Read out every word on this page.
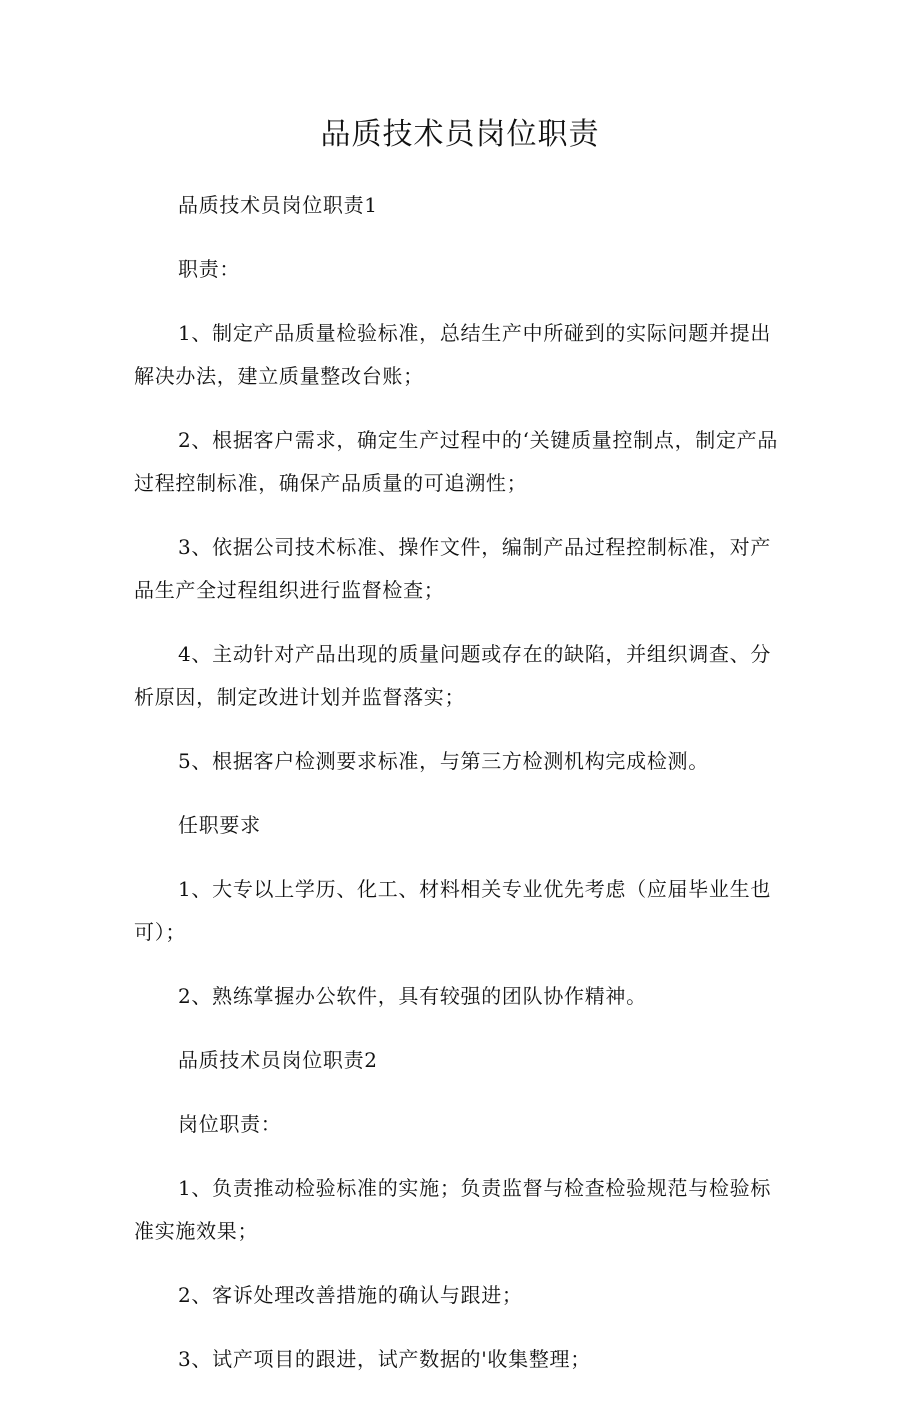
品质技术员岗位职责

品质技术员岗位职责1

职责：

1、制定产品质量检验标准，总结生产中所碰到的实际问题并提出解决办法，建立质量整改台账；

2、根据客户需求，确定生产过程中的‘关键质量控制点，制定产品过程控制标准，确保产品质量的可追溯性；

3、依据公司技术标准、操作文件，编制产品过程控制标准，对产品生产全过程组织进行监督检查；

4、主动针对产品出现的质量问题或存在的缺陷，并组织调查、分析原因，制定改进计划并监督落实；

5、根据客户检测要求标准，与第三方检测机构完成检测。

任职要求

1、大专以上学历、化工、材料相关专业优先考虑（应届毕业生也可）；

2、熟练掌握办公软件，具有较强的团队协作精神。

品质技术员岗位职责2

岗位职责：

1、负责推动检验标准的实施；负责监督与检查检验规范与检验标准实施效果；

2、客诉处理改善措施的确认与跟进；

3、试产项目的跟进，试产数据的'收集整理；
